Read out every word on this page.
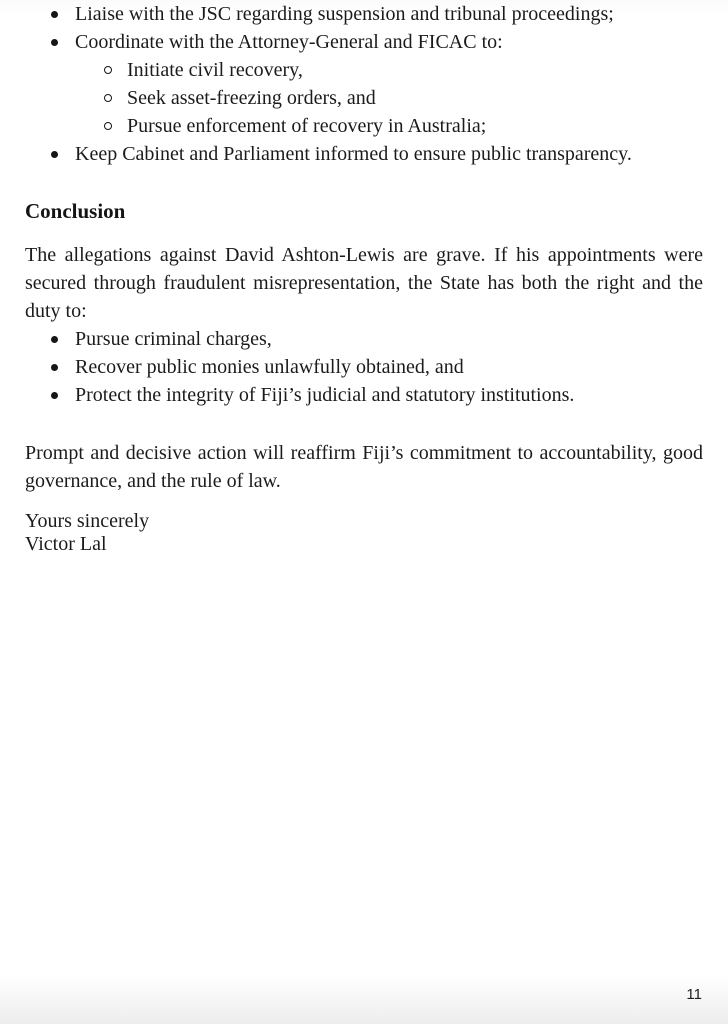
Liaise with the JSC regarding suspension and tribunal proceedings;
Coordinate with the Attorney-General and FICAC to:
Initiate civil recovery,
Seek asset-freezing orders, and
Pursue enforcement of recovery in Australia;
Keep Cabinet and Parliament informed to ensure public transparency.
Conclusion

The allegations against David Ashton-Lewis are grave. If his appointments were secured through fraudulent misrepresentation, the State has both the right and the duty to:

Pursue criminal charges,
Recover public monies unlawfully obtained, and
Protect the integrity of Fiji’s judicial and statutory institutions.

Prompt and decisive action will reaffirm Fiji’s commitment to accountability, good governance, and the rule of law.

Yours sincerely
Victor Lal
11
